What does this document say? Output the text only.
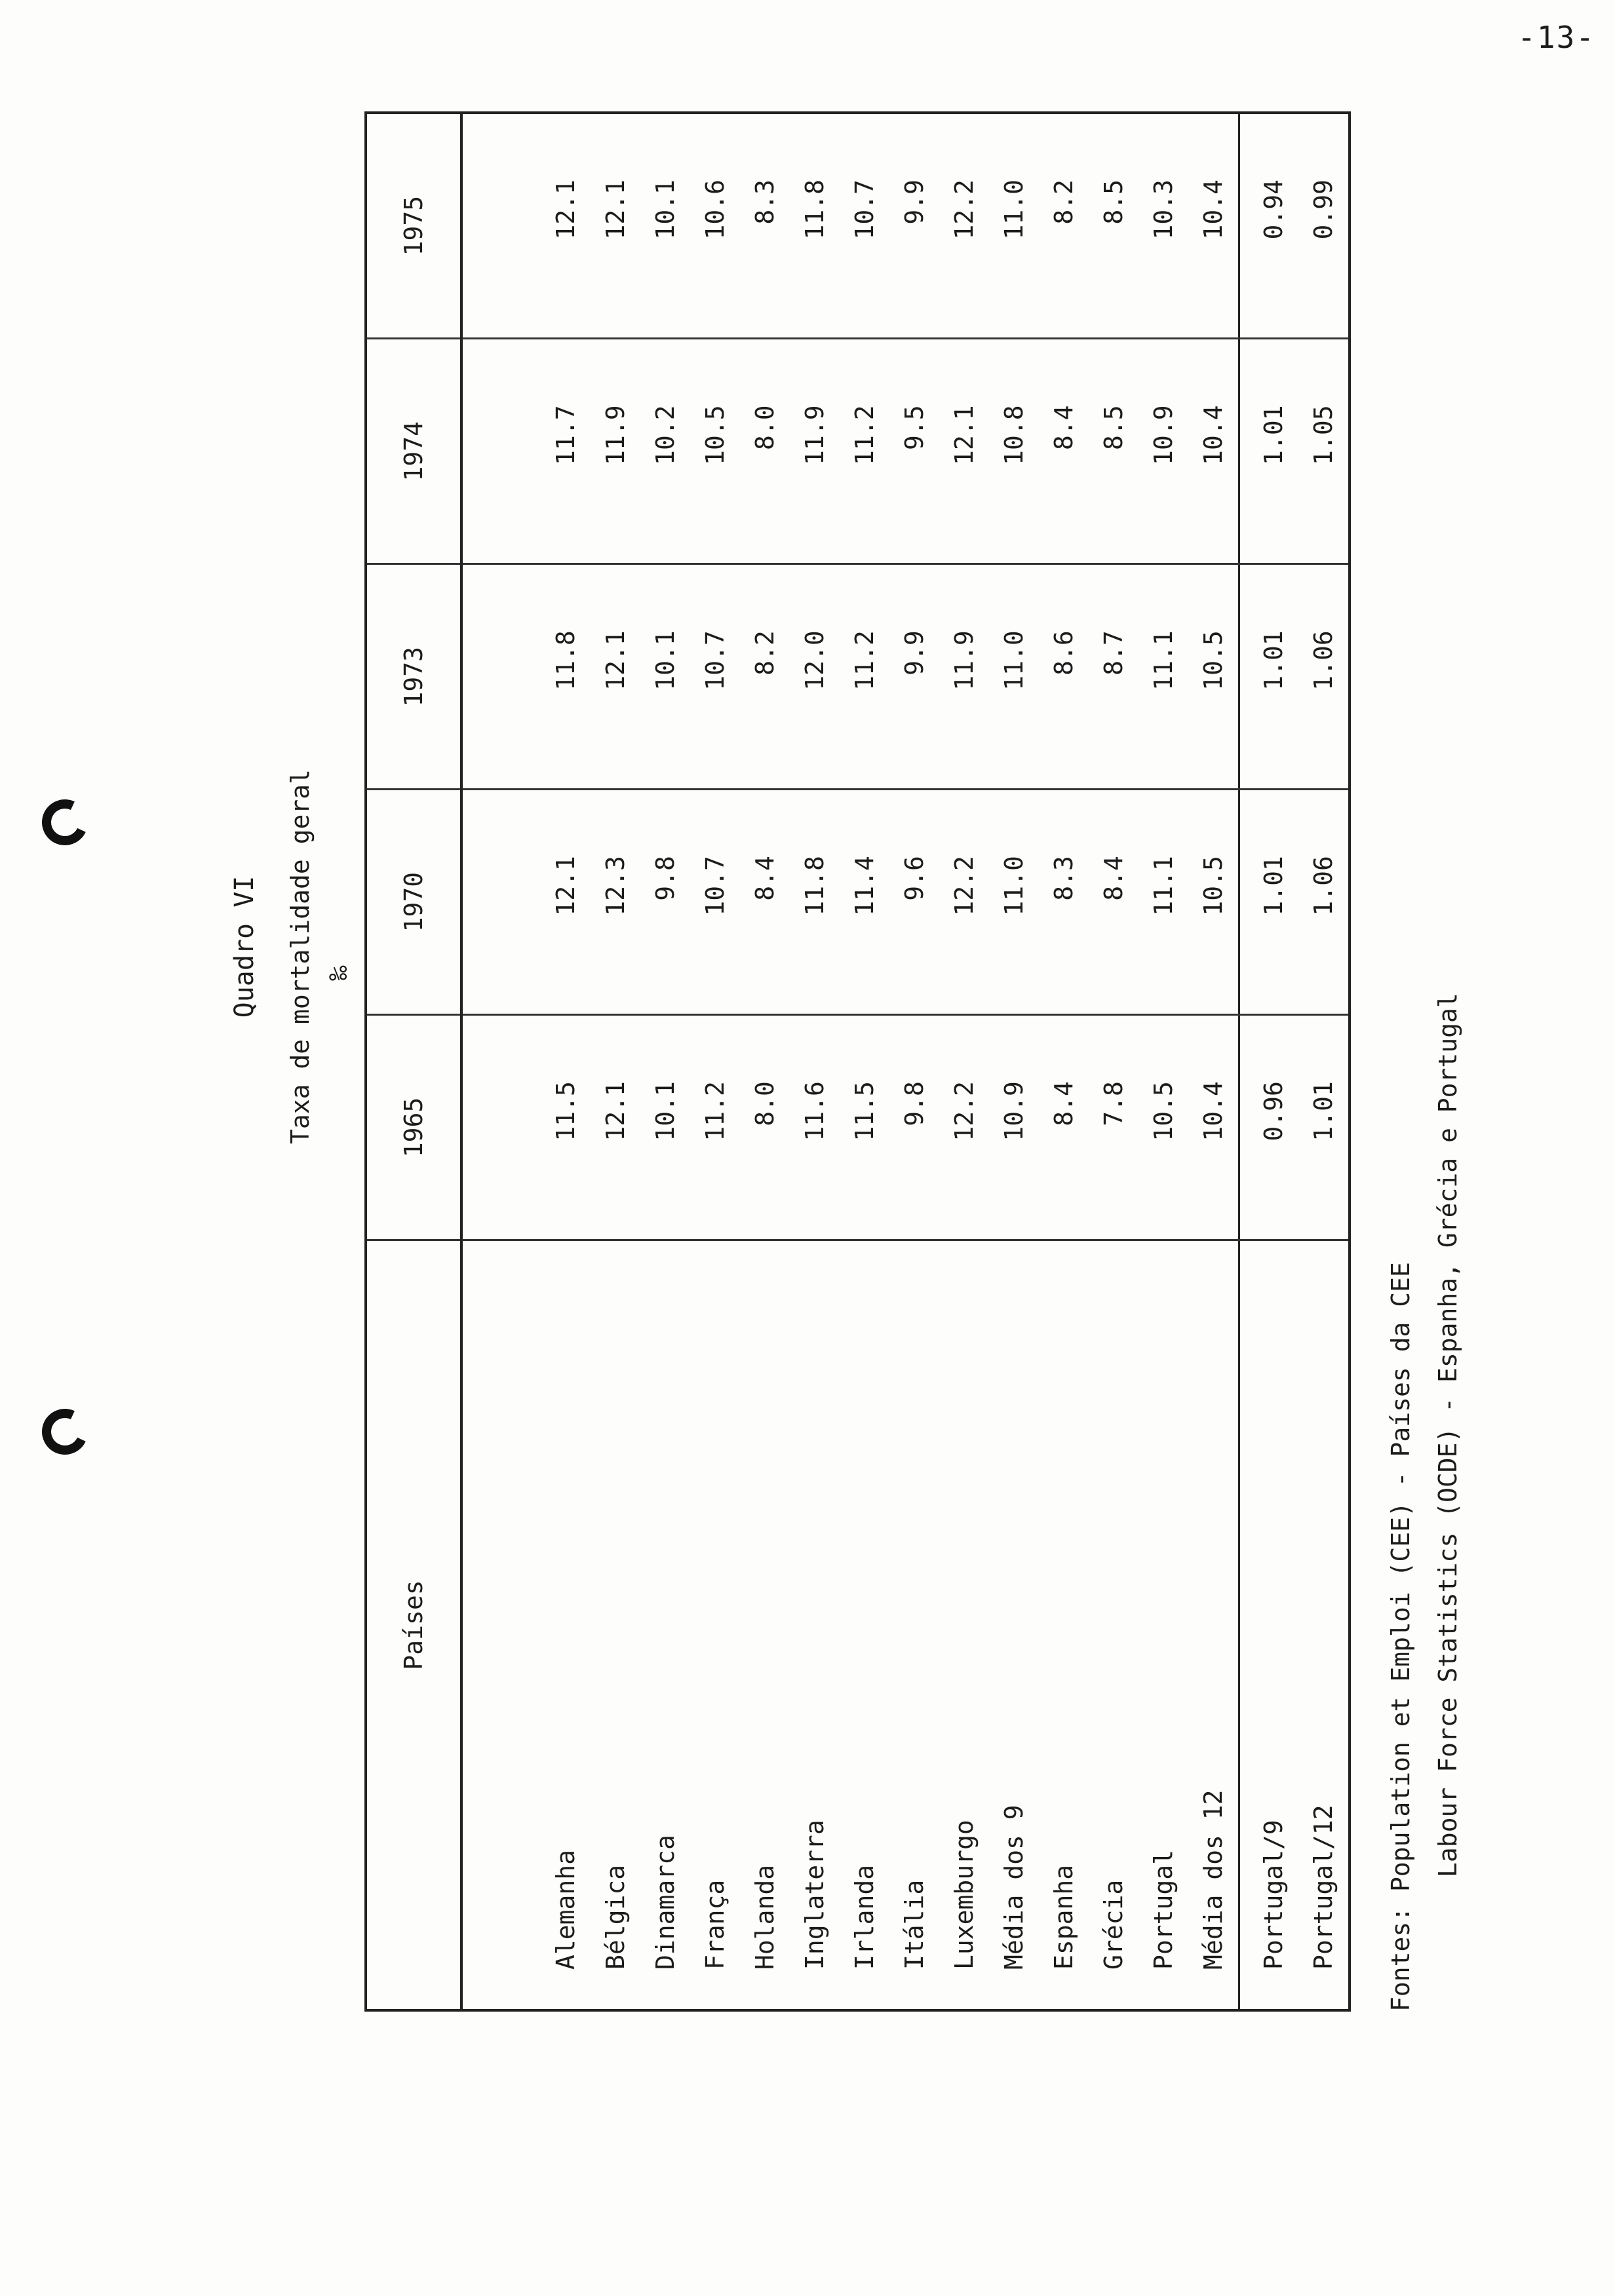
-13-
Quadro VI Taxa de mortalidade geral ‰
Países	1965	1970	1973	1974	1975
Alemanha	11.5	12.1	11.8	11.7	12.1
Bélgica	12.1	12.3	12.1	11.9	12.1
Dinamarca	10.1	9.8	10.1	10.2	10.1
França	11.2	10.7	10.7	10.5	10.6
Holanda	8.0	8.4	8.2	8.0	8.3
Inglaterra	11.6	11.8	12.0	11.9	11.8
Irlanda	11.5	11.4	11.2	11.2	10.7
Itália	9.8	9.6	9.9	9.5	9.9
Luxemburgo	12.2	12.2	11.9	12.1	12.2
Média dos 9	10.9	11.0	11.0	10.8	11.0
Espanha	8.4	8.3	8.6	8.4	8.2
Grécia	7.8	8.4	8.7	8.5	8.5
Portugal	10.5	11.1	11.1	10.9	10.3
Média dos 12	10.4	10.5	10.5	10.4	10.4
Portugal/9	0.96	1.01	1.01	1.01	0.94
Portugal/12	1.01	1.06	1.06	1.05	0.99
Fontes: Population et Emploi (CEE) - Países da CEE Labour Force Statistics (OCDE) - Espanha, Grécia e Portugal
